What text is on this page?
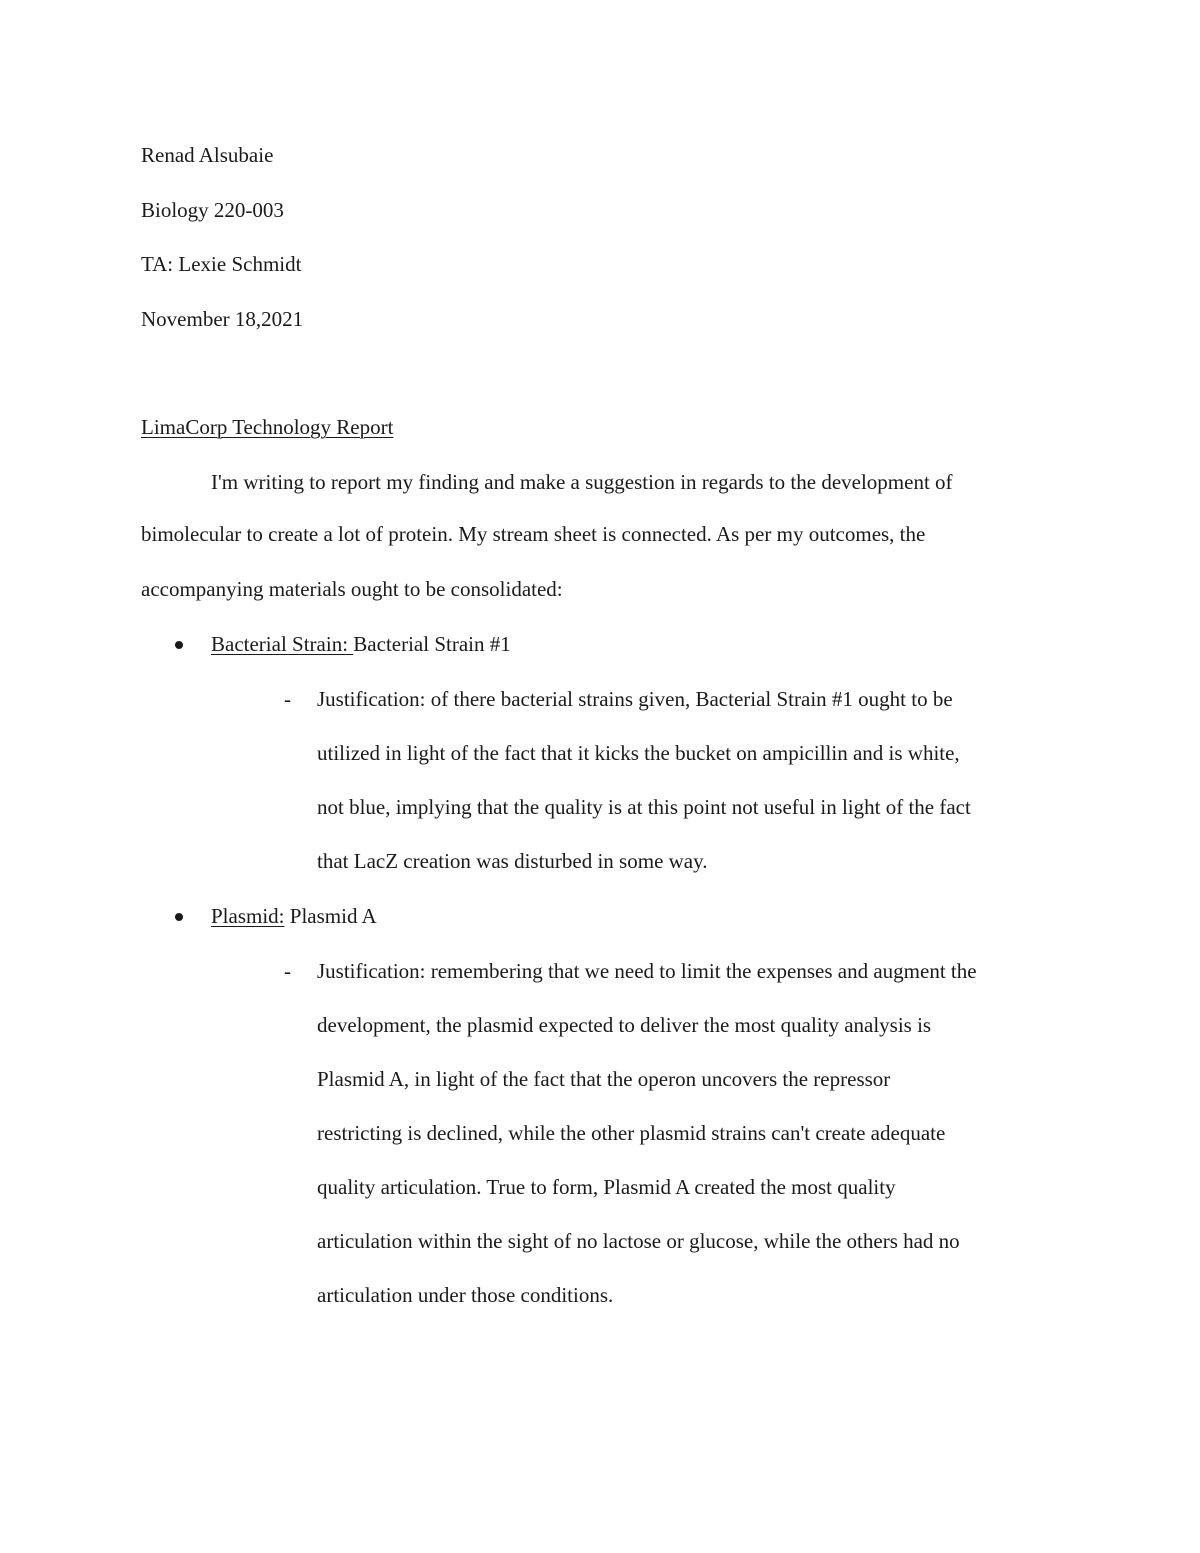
Renad Alsubaie
Biology 220-003
TA: Lexie Schmidt
November 18,2021
LimaCorp Technology Report
I'm writing to report my finding and make a suggestion in regards to the development of
bimolecular to create a lot of protein. My stream sheet is connected. As per my outcomes, the
accompanying materials ought to be consolidated:
Bacterial Strain: Bacterial Strain #1
- Justification: of there bacterial strains given, Bacterial Strain #1 ought to be
utilized in light of the fact that it kicks the bucket on ampicillin and is white,
not blue, implying that the quality is at this point not useful in light of the fact
that LacZ creation was disturbed in some way.
Plasmid: Plasmid A
- Justification: remembering that we need to limit the expenses and augment the
development, the plasmid expected to deliver the most quality analysis is
Plasmid A, in light of the fact that the operon uncovers the repressor
restricting is declined, while the other plasmid strains can't create adequate
quality articulation. True to form, Plasmid A created the most quality
articulation within the sight of no lactose or glucose, while the others had no
articulation under those conditions.
